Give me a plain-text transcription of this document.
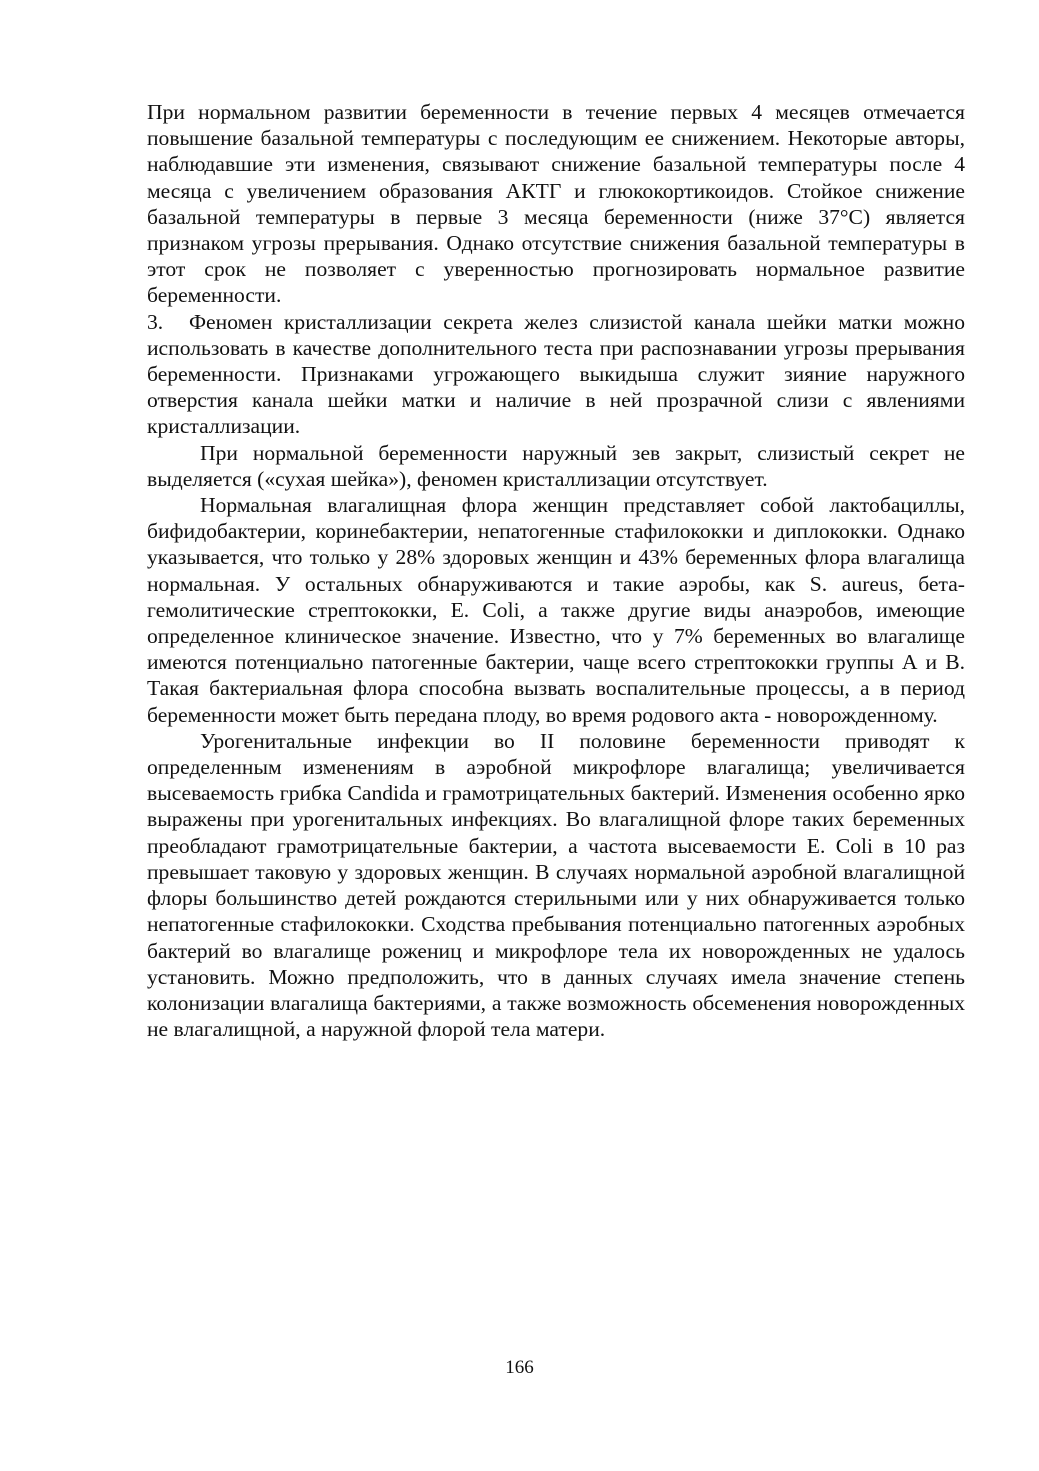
При нормальном развитии беременности в течение первых 4 месяцев отмечается повышение базальной температуры с последующим ее снижением. Некоторые авторы, наблюдавшие эти изменения, связывают снижение базальной температуры после 4 месяца с увеличением образования АКТГ и глюкокортикоидов. Стойкое снижение базальной температуры в первые 3 месяца беременности (ниже 37°С) является признаком угрозы прерывания. Однако отсутствие снижения базальной температуры в этот срок не позволяет с уверенностью прогнозировать нормальное развитие беременности.

3. Феномен кристаллизации секрета желез слизистой канала шейки матки можно использовать в качестве дополнительного теста при распознавании угрозы прерывания беременности. Признаками угрожающего выкидыша служит зияние наружного отверстия канала шейки матки и наличие в ней прозрачной слизи с явлениями кристаллизации.

При нормальной беременности наружный зев закрыт, слизистый секрет не выделяется («сухая шейка»), феномен кристаллизации отсутствует.

Нормальная влагалищная флора женщин представляет собой лактобациллы, бифидобактерии, коринебактерии, непатогенные стафилококки и диплококки. Однако указывается, что только у 28% здоровых женщин и 43% беременных флора влагалища нормальная. У остальных обнаруживаются и такие аэробы, как S. aureus, бета-гемолитические стрептококки, E. Coli, а также другие виды анаэробов, имеющие определенное клиническое значение. Известно, что у 7% беременных во влагалище имеются потенциально патогенные бактерии, чаще всего стрептококки группы А и В. Такая бактериальная флора способна вызвать воспалительные процессы, а в период беременности может быть передана плоду, во время родового акта - новорожденному.

Урогенитальные инфекции во II половине беременности приводят к определенным изменениям в аэробной микрофлоре влагалища; увеличивается высеваемость грибка Candida и грамотрицательных бактерий. Изменения особенно ярко выражены при урогенитальных инфекциях. Во влагалищной флоре таких беременных преобладают грамотрицательные бактерии, а частота высеваемости E. Coli в 10 раз превышает таковую у здоровых женщин. В случаях нормальной аэробной влагалищной флоры большинство детей рождаются стерильными или у них обнаруживается только непатогенные стафилококки. Сходства пребывания потенциально патогенных аэробных бактерий во влагалище рожениц и микрофлоре тела их новорожденных не удалось установить. Можно предположить, что в данных случаях имела значение степень колонизации влагалища бактериями, а также возможность обсеменения новорожденных не влагалищной, а наружной флорой тела матери.

166
